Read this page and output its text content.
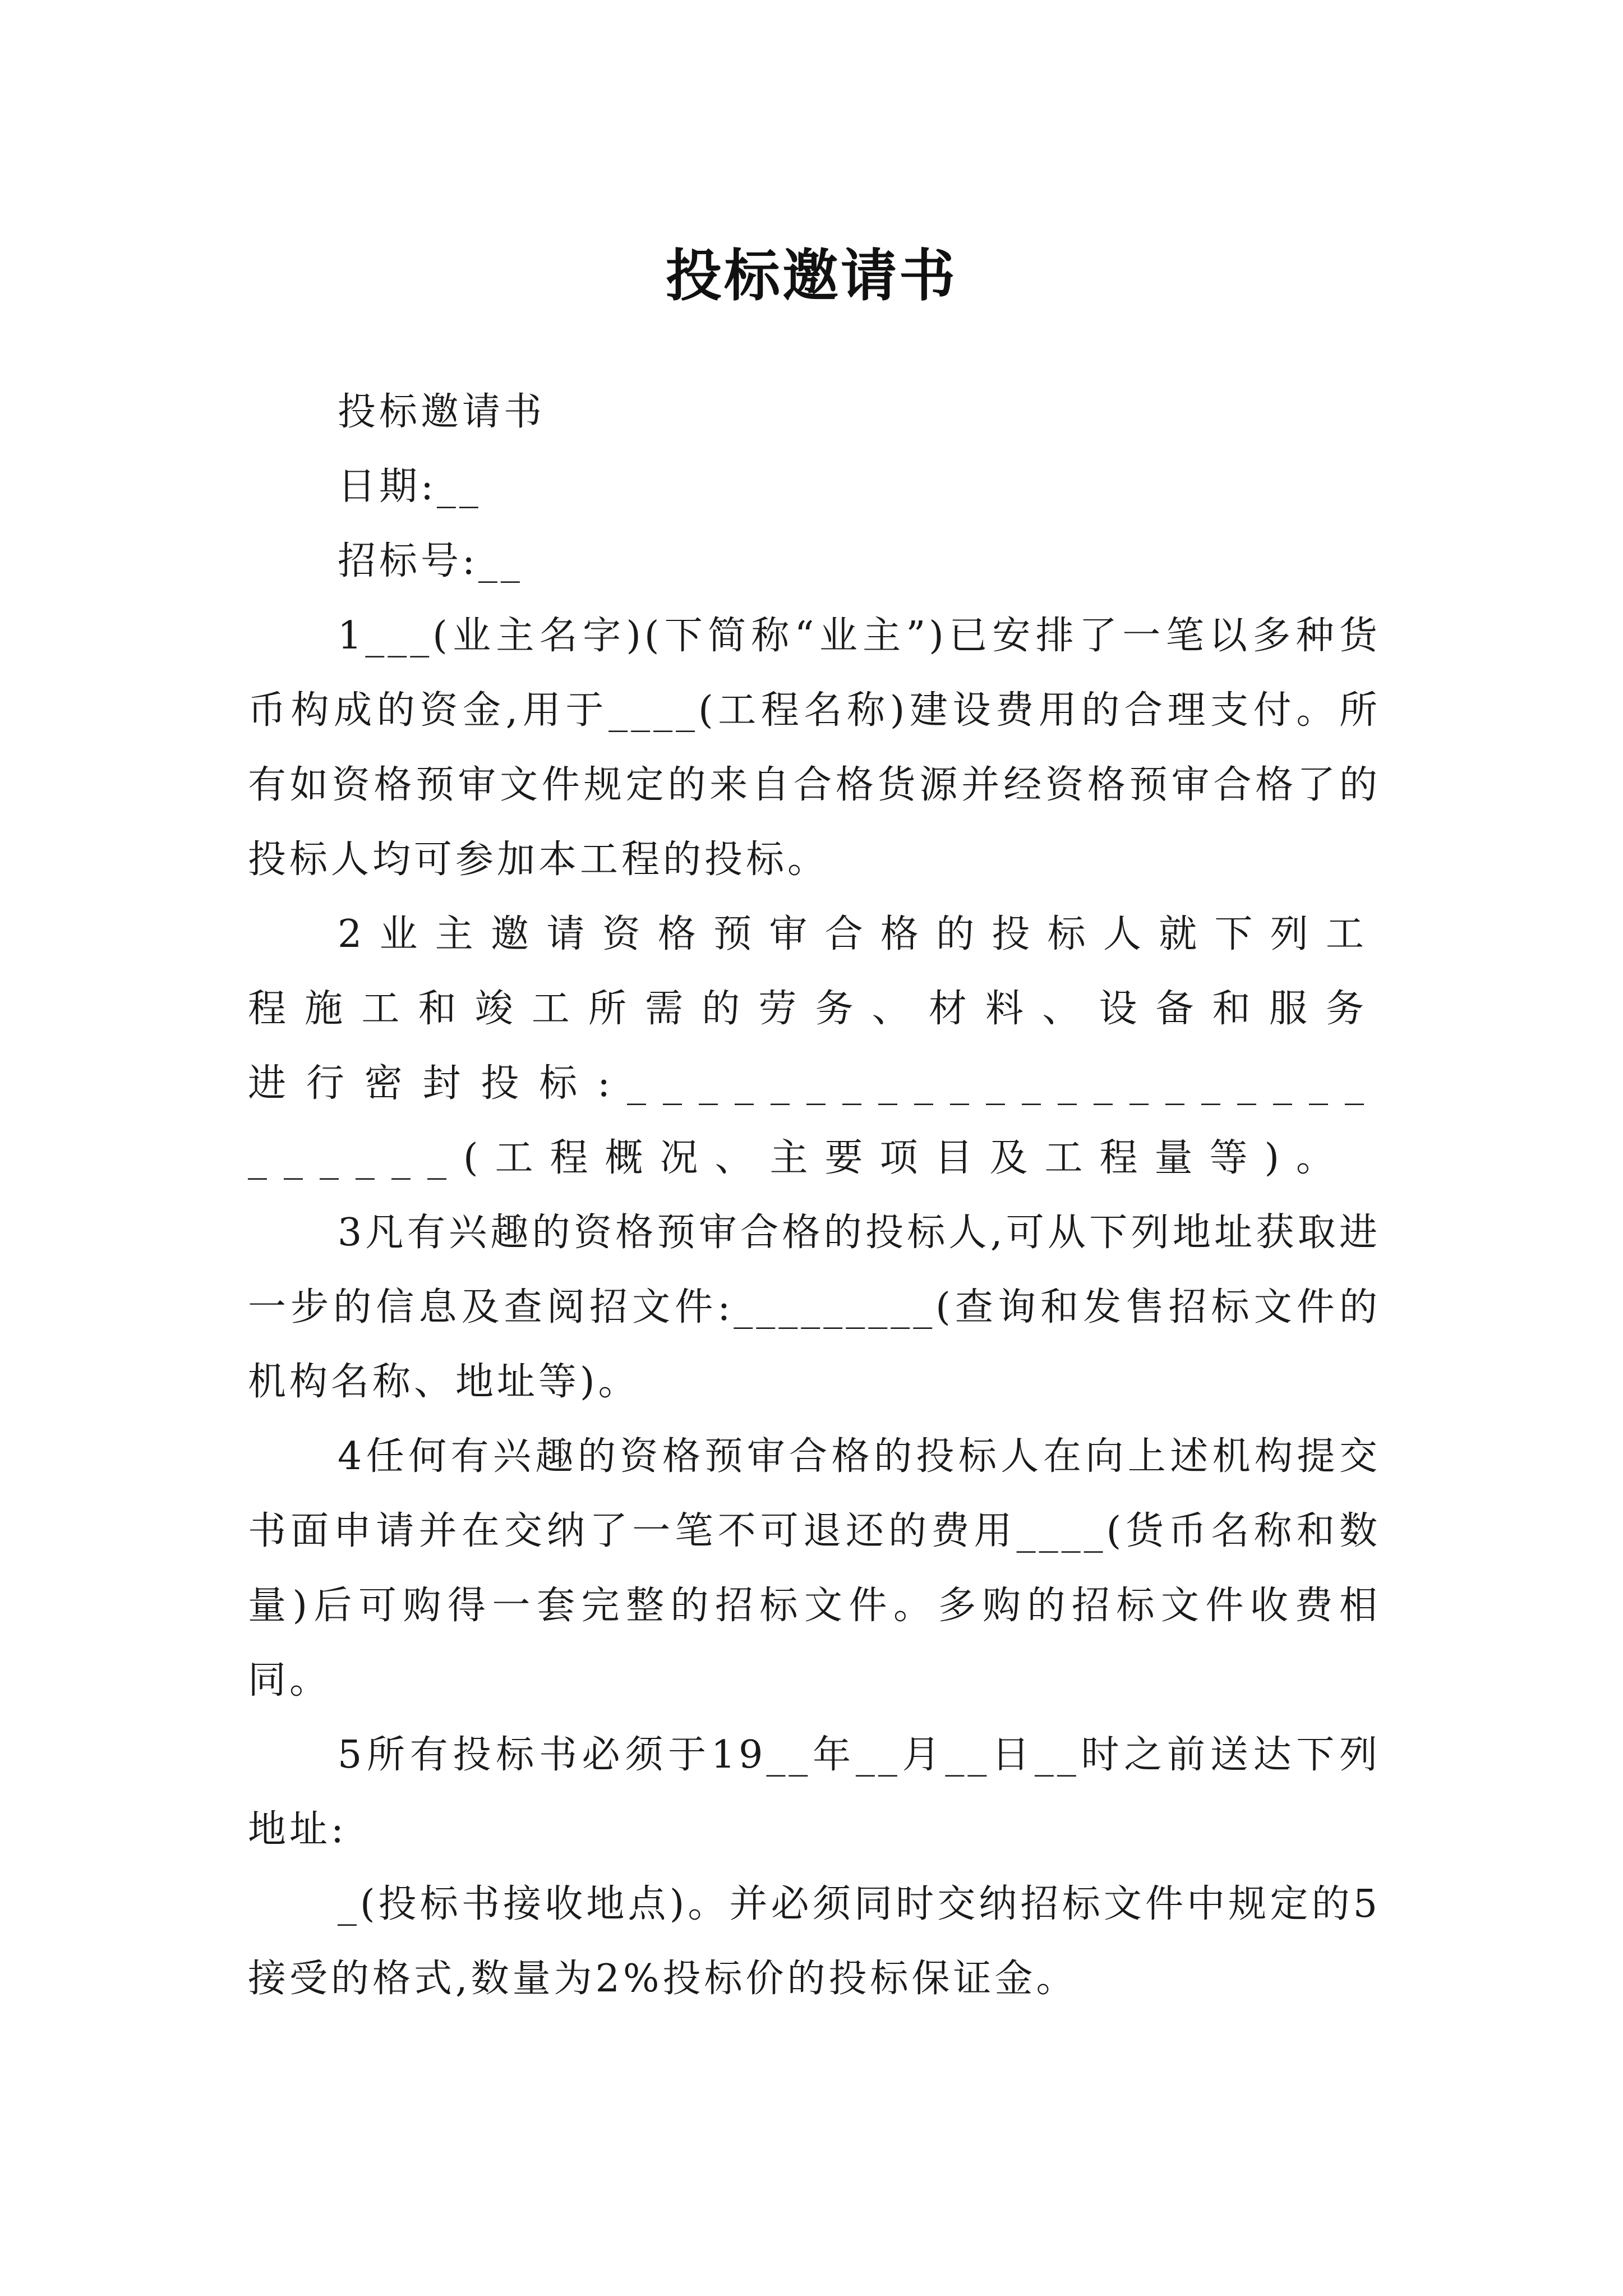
投标邀请书

投标邀请书

日期:__

招标号:__

1___(业主名字)(下简称“业主”)已安排了一笔以多种货币构成的资金,用于____(工程名称)建设费用的合理支付。所有如资格预审文件规定的来自合格货源并经资格预审合格了的投标人均可参加本工程的投标。

2业主邀请资格预审合格的投标人就下列工程施工和竣工所需的劳务、材料、设备和服务进行密封投标:___________________________(工程概况、主要项目及工程量等)。

3凡有兴趣的资格预审合格的投标人,可从下列地址获取进一步的信息及查阅招文件:_________(查询和发售招标文件的机构名称、地址等)。

4任何有兴趣的资格预审合格的投标人在向上述机构提交书面申请并在交纳了一笔不可退还的费用____(货币名称和数量)后可购得一套完整的招标文件。多购的招标文件收费相同。

5所有投标书必须于19__年__月__日__时之前送达下列地址:

_(投标书接收地点)。并必须同时交纳招标文件中规定的5接受的格式,数量为2%投标价的投标保证金。
